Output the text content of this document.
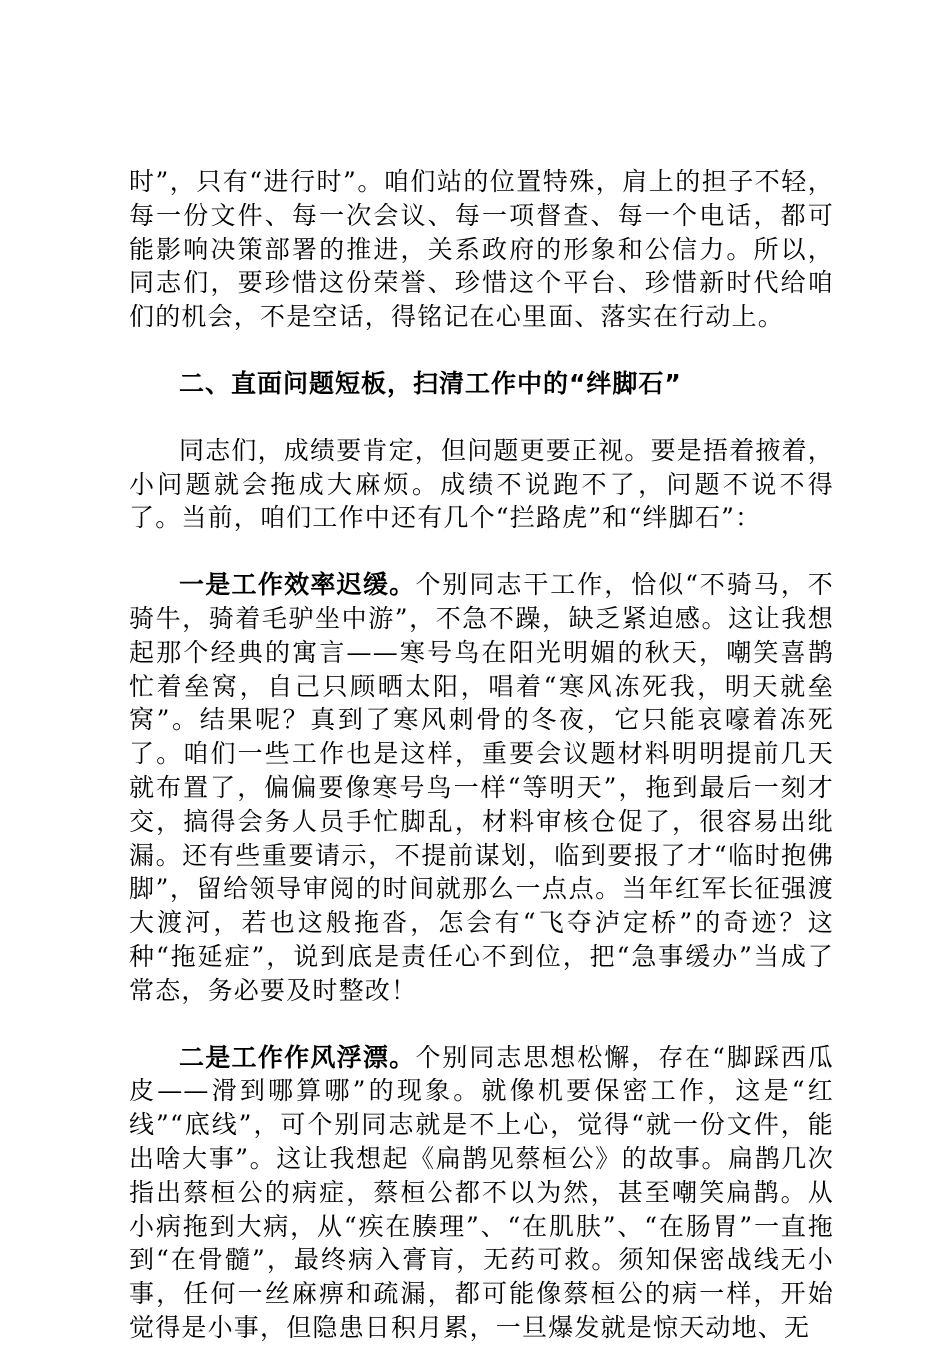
时”，只有“进行时”。咱们站的位置特殊，肩上的担子不轻，每一份文件、每一次会议、每一项督查、每一个电话，都可能影响决策部署的推进，关系政府的形象和公信力。所以，同志们，要珍惜这份荣誉、珍惜这个平台、珍惜新时代给咱们的机会，不是空话，得铭记在心里面、落实在行动上。

二、直面问题短板，扫清工作中的“绊脚石”

同志们，成绩要肯定，但问题更要正视。要是捂着掖着，小问题就会拖成大麻烦。成绩不说跑不了，问题不说不得了。当前，咱们工作中还有几个“拦路虎”和“绊脚石”：

一是工作效率迟缓。个别同志干工作，恰似“不骑马，不骑牛，骑着毛驴坐中游”，不急不躁，缺乏紧迫感。这让我想起那个经典的寓言——寒号鸟在阳光明媚的秋天，嘲笑喜鹊忙着垒窝，自己只顾晒太阳，唱着“寒风冻死我，明天就垒窝”。结果呢？真到了寒风刺骨的冬夜，它只能哀嚎着冻死了。咱们一些工作也是这样，重要会议题材料明明提前几天就布置了，偏偏要像寒号鸟一样“等明天”，拖到最后一刻才交，搞得会务人员手忙脚乱，材料审核仓促了，很容易出纰漏。还有些重要请示，不提前谋划，临到要报了才“临时抱佛脚”，留给领导审阅的时间就那么一点点。当年红军长征强渡大渡河，若也这般拖沓，怎会有“飞夺泸定桥”的奇迹？这种“拖延症”，说到底是责任心不到位，把“急事缓办”当成了常态，务必要及时整改！

二是工作作风浮漂。个别同志思想松懈，存在“脚踩西瓜皮——滑到哪算哪”的现象。就像机要保密工作，这是“红线”“底线”，可个别同志就是不上心，觉得“就一份文件，能出啥大事”。这让我想起《扁鹊见蔡桓公》的故事。扁鹊几次指出蔡桓公的病症，蔡桓公都不以为然，甚至嘲笑扁鹊。从小病拖到大病，从“疾在腠理”、“在肌肤”、“在肠胃”一直拖到“在骨髓”，最终病入膏肓，无药可救。须知保密战线无小事，任何一丝麻痹和疏漏，都可能像蔡桓公的病一样，开始觉得是小事，但隐患日积月累，一旦爆发就是惊天动地、无
